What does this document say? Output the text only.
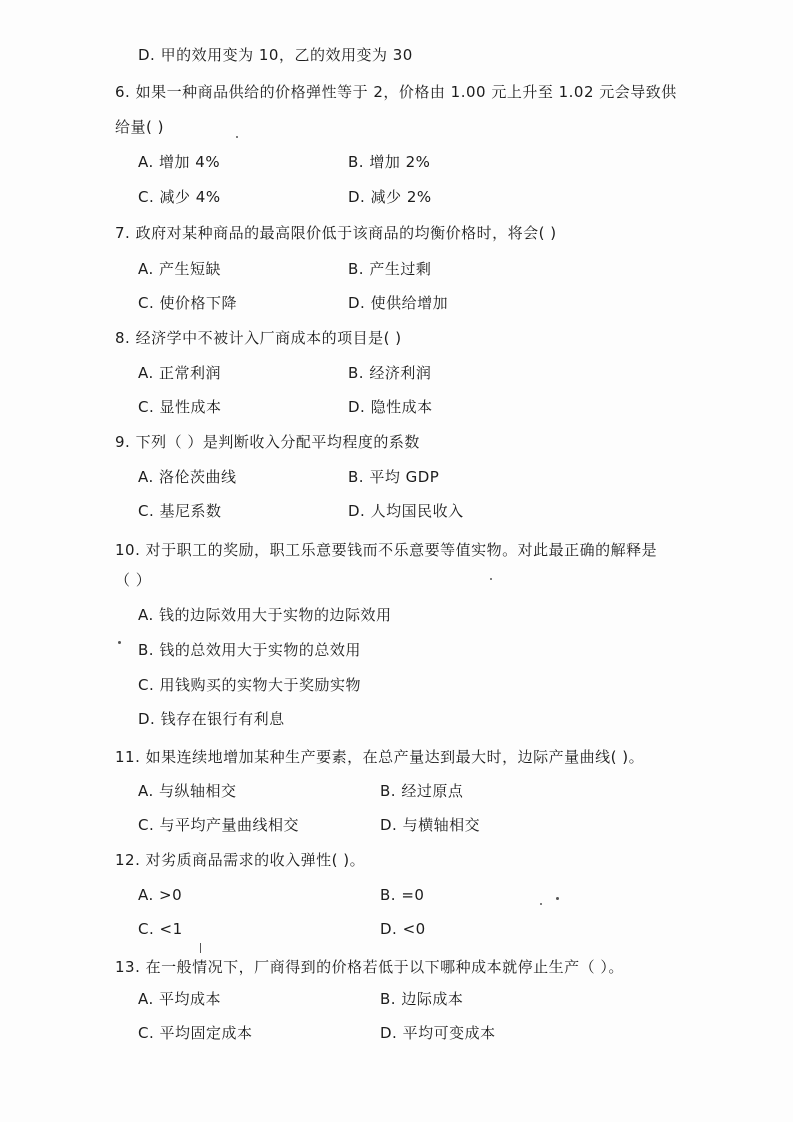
D. 甲的效用变为 10，乙的效用变为 30
6. 如果一种商品供给的价格弹性等于 2，价格由 1.00 元上升至 1.02 元会导致供
给量( )
A. 增加 4%	B. 增加 2%
C. 减少 4%	D. 减少 2%
7. 政府对某种商品的最高限价低于该商品的均衡价格时，将会( )
A. 产生短缺	B. 产生过剩
C. 使价格下降	D. 使供给增加
8. 经济学中不被计入厂商成本的项目是( )
A. 正常利润	B. 经济利润
C. 显性成本	D. 隐性成本
9. 下列（ ）是判断收入分配平均程度的系数
A. 洛伦茨曲线	B. 平均 GDP
C. 基尼系数	D. 人均国民收入
10. 对于职工的奖励，职工乐意要钱而不乐意要等值实物。对此最正确的解释是
（ ）
A. 钱的边际效用大于实物的边际效用
B. 钱的总效用大于实物的总效用
C. 用钱购买的实物大于奖励实物
D. 钱存在银行有利息
11. 如果连续地增加某种生产要素，在总产量达到最大时，边际产量曲线( )。
A. 与纵轴相交	B. 经过原点
C. 与平均产量曲线相交	D. 与横轴相交
12. 对劣质商品需求的收入弹性( )。
A. >0	B. =0
C. <1	D. <0
13. 在一般情况下，厂商得到的价格若低于以下哪种成本就停止生产（ ）。
A. 平均成本	B. 边际成本
C. 平均固定成本	D. 平均可变成本
